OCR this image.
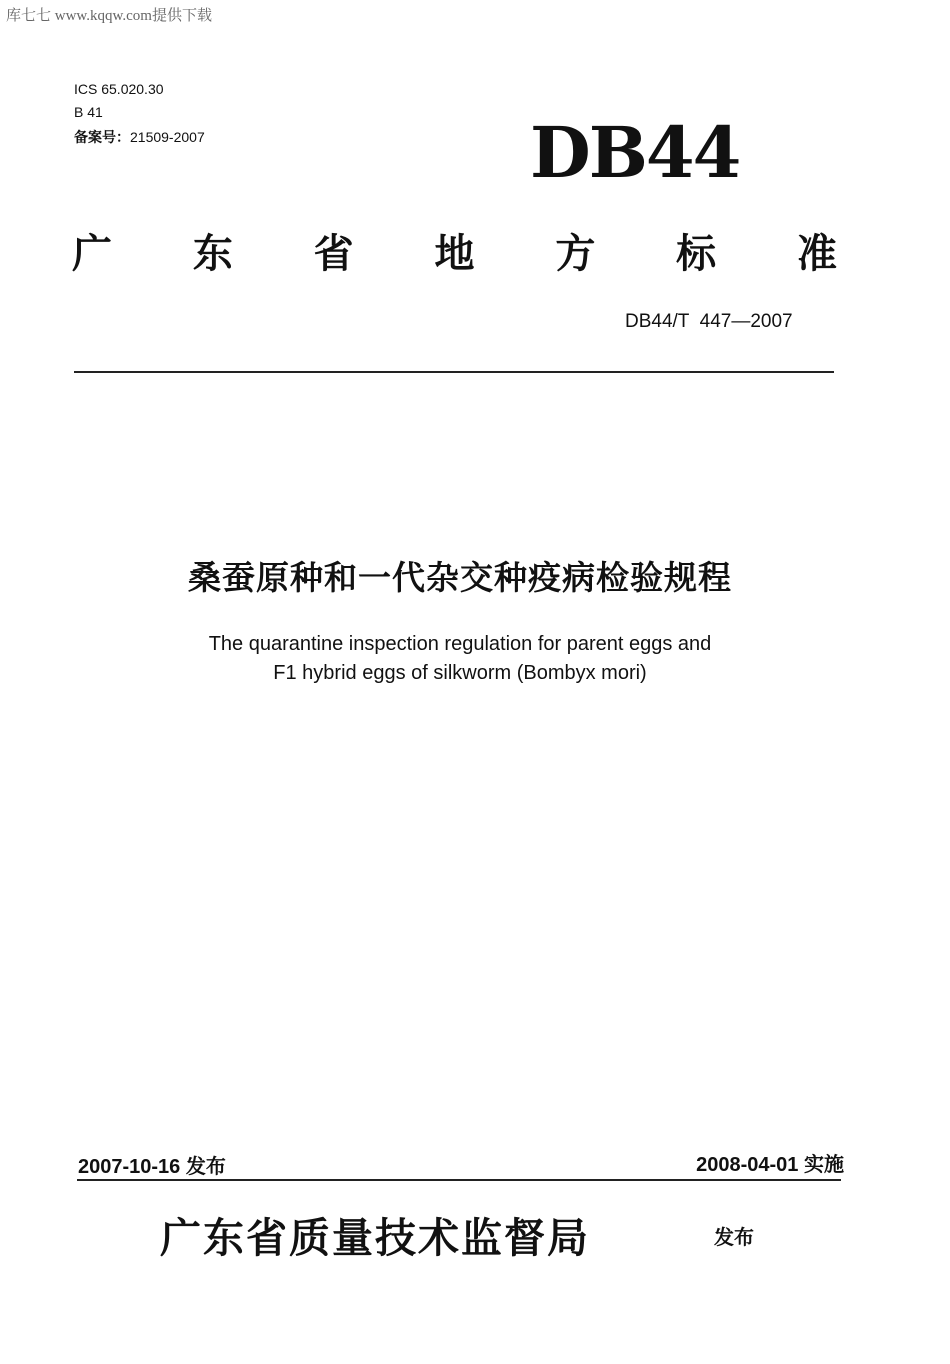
库七七 www.kqqw.com提供下载
ICS 65.020.30
B 41
备案号：21509-2007	DB44
广 东 省 地 方 标 准
DB44/T  447—2007
桑蚕原种和一代杂交种疫病检验规程
The quarantine inspection regulation for parent eggs and
F1 hybrid eggs of silkworm (Bombyx mori)
2007-10-16 发布	2008-04-01 实施
广东省质量技术监督局	发布
